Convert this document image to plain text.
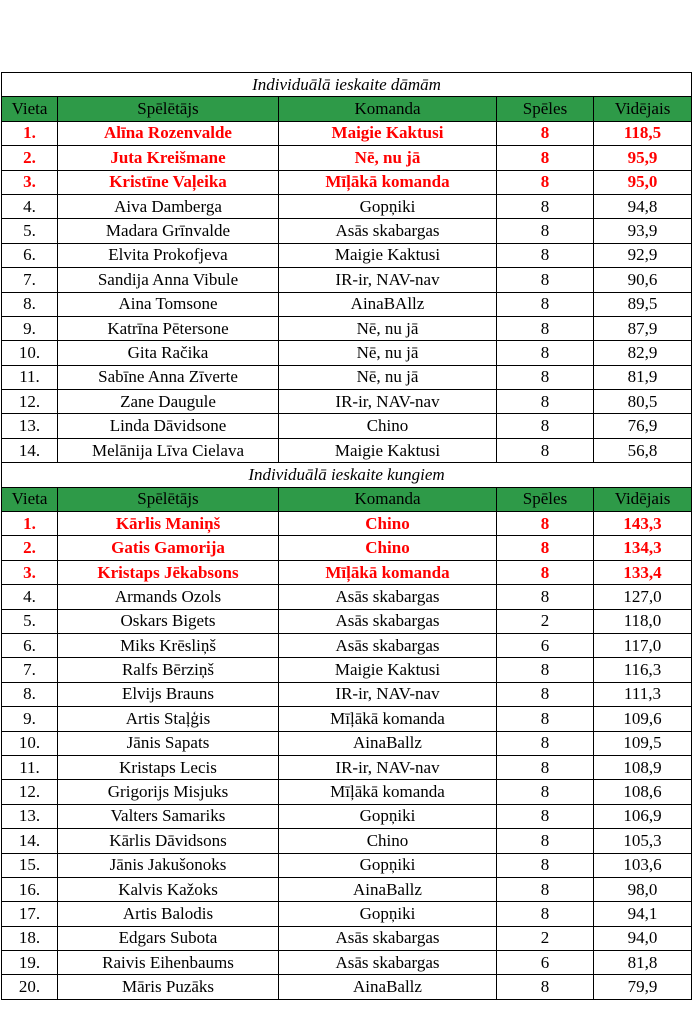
Individuālā ieskaite dāmām				
Vieta	Spēlētājs	Komanda	Spēles	Vidējais
1.	Alīna Rozenvalde	Maigie Kaktusi	8	118,5
2.	Juta Kreišmane	Nē, nu jā	8	95,9
3.	Kristīne Vaļeika	Mīļākā komanda	8	95,0
4.	Aiva Damberga	Gopņiki	8	94,8
5.	Madara Grīnvalde	Asās skabargas	8	93,9
6.	Elvita Prokofjeva	Maigie Kaktusi	8	92,9
7.	Sandija Anna Vibule	IR-ir, NAV-nav	8	90,6
8.	Aina Tomsone	AinaBAllz	8	89,5
9.	Katrīna Pētersone	Nē, nu jā	8	87,9
10.	Gita Račika	Nē, nu jā	8	82,9
11.	Sabīne Anna Zīverte	Nē, nu jā	8	81,9
12.	Zane Daugule	IR-ir, NAV-nav	8	80,5
13.	Linda Dāvidsone	Chino	8	76,9
14.	Melānija Līva Cielava	Maigie Kaktusi	8	56,8
Individuālā ieskaite kungiem				
Vieta	Spēlētājs	Komanda	Spēles	Vidējais
1.	Kārlis Maniņš	Chino	8	143,3
2.	Gatis Gamorija	Chino	8	134,3
3.	Kristaps Jēkabsons	Mīļākā komanda	8	133,4
4.	Armands Ozols	Asās skabargas	8	127,0
5.	Oskars Bigets	Asās skabargas	2	118,0
6.	Miks Krēsliņš	Asās skabargas	6	117,0
7.	Ralfs Bērziņš	Maigie Kaktusi	8	116,3
8.	Elvijs Brauns	IR-ir, NAV-nav	8	111,3
9.	Artis Staļģis	Mīļākā komanda	8	109,6
10.	Jānis Sapats	AinaBallz	8	109,5
11.	Kristaps Lecis	IR-ir, NAV-nav	8	108,9
12.	Grigorijs Misjuks	Mīļākā komanda	8	108,6
13.	Valters Samariks	Gopņiki	8	106,9
14.	Kārlis Dāvidsons	Chino	8	105,3
15.	Jānis Jakušonoks	Gopņiki	8	103,6
16.	Kalvis Kažoks	AinaBallz	8	98,0
17.	Artis Balodis	Gopņiki	8	94,1
18.	Edgars Subota	Asās skabargas	2	94,0
19.	Raivis Eihenbaums	Asās skabargas	6	81,8
20.	Māris Puzāks	AinaBallz	8	79,9
